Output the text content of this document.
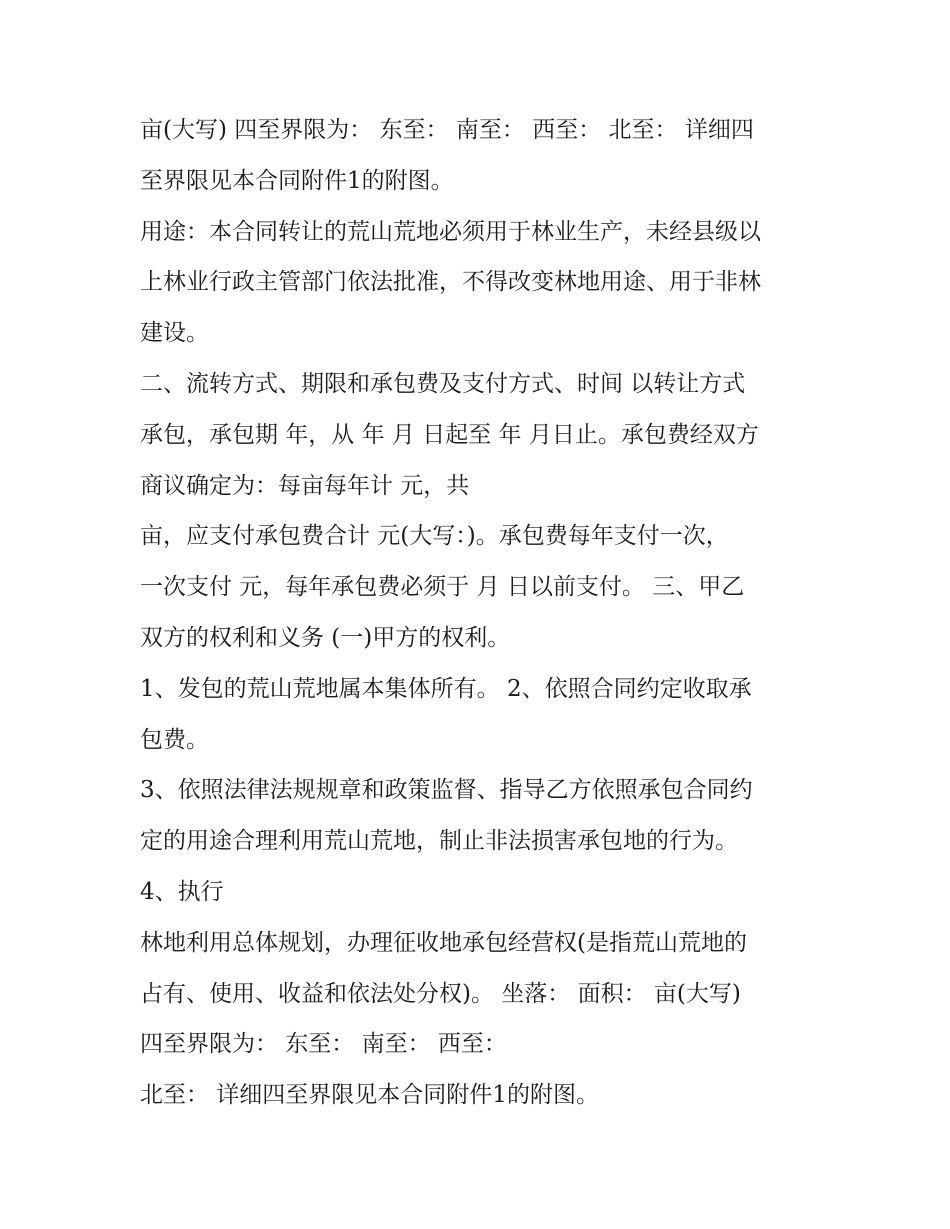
亩(大写) 四至界限为： 东至： 南至： 西至： 北至： 详细四
至界限见本合同附件1的附图。
用途：本合同转让的荒山荒地必须用于林业生产，未经县级以
上林业行政主管部门依法批准，不得改变林地用途、用于非林
建设。
二、流转方式、期限和承包费及支付方式、时间 以转让方式
承包，承包期 年，从 年 月 日起至 年 月日止。承包费经双方
商议确定为：每亩每年计 元，共
亩，应支付承包费合计 元(大写：)。承包费每年支付一次，
一次支付 元，每年承包费必须于 月 日以前支付。 三、甲乙
双方的权利和义务 (一)甲方的权利。
1、发包的荒山荒地属本集体所有。 2、依照合同约定收取承
包费。
3、依照法律法规规章和政策监督、指导乙方依照承包合同约
定的用途合理利用荒山荒地，制止非法损害承包地的行为。
4、执行
林地利用总体规划，办理征收地承包经营权(是指荒山荒地的
占有、使用、收益和依法处分权)。 坐落： 面积： 亩(大写)
四至界限为： 东至： 南至： 西至：
北至： 详细四至界限见本合同附件1的附图。
